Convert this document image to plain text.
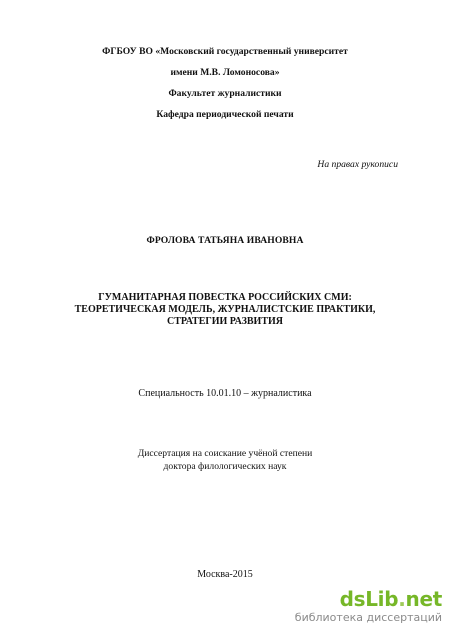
ФГБОУ ВО «Московский государственный университет
имени М.В. Ломоносова»
Факультет журналистики
Кафедра периодической печати
На правах рукописи
ФРОЛОВА ТАТЬЯНА ИВАНОВНА
ГУМАНИТАРНАЯ ПОВЕСТКА РОССИЙСКИХ СМИ:
ТЕОРЕТИЧЕСКАЯ МОДЕЛЬ, ЖУРНАЛИСТСКИЕ ПРАКТИКИ,
СТРАТЕГИИ РАЗВИТИЯ
Специальность 10.01.10 – журналистика
Диссертация на соискание учёной степени
доктора филологических наук
Москва-2015
dsLib.net
библиотека диссертаций
